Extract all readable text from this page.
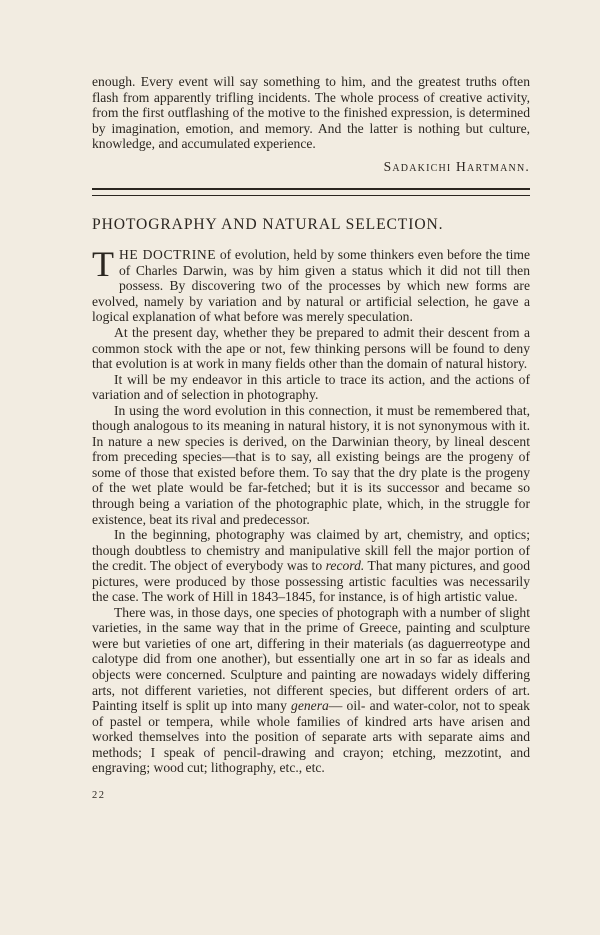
enough. Every event will say something to him, and the greatest truths often flash from apparently trifling incidents. The whole process of creative activity, from the first outflashing of the motive to the finished expression, is determined by imagination, emotion, and memory. And the latter is nothing but culture, knowledge, and accumulated experience.

Sadakichi Hartmann.

PHOTOGRAPHY AND NATURAL SELECTION.
T HE DOCTRINE of evolution, held by some thinkers even before the time of Charles Darwin, was by him given a status which it did not till then possess. By discovering two of the processes by which new forms are evolved, namely by variation and by natural or artificial selection, he gave a logical explanation of what before was merely speculation.

At the present day, whether they be prepared to admit their descent from a common stock with the ape or not, few thinking persons will be found to deny that evolution is at work in many fields other than the domain of natural history.

It will be my endeavor in this article to trace its action, and the actions of variation and of selection in photography.

In using the word evolution in this connection, it must be remembered that, though analogous to its meaning in natural history, it is not synonymous with it. In nature a new species is derived, on the Darwinian theory, by lineal descent from preceding species—that is to say, all existing beings are the progeny of some of those that existed before them. To say that the dry plate is the progeny of the wet plate would be far-fetched; but it is its successor and became so through being a variation of the photographic plate, which, in the struggle for existence, beat its rival and predecessor.

In the beginning, photography was claimed by art, chemistry, and optics; though doubtless to chemistry and manipulative skill fell the major portion of the credit. The object of everybody was to record. That many pictures, and good pictures, were produced by those possessing artistic faculties was necessarily the case. The work of Hill in 1843–1845, for instance, is of high artistic value.

There was, in those days, one species of photograph with a number of slight varieties, in the same way that in the prime of Greece, painting and sculpture were but varieties of one art, differing in their materials (as daguerreotype and calotype did from one another), but essentially one art in so far as ideals and objects were concerned. Sculpture and painting are nowadays widely differing arts, not different varieties, not different species, but different orders of art. Painting itself is split up into many genera— oil- and water-color, not to speak of pastel or tempera, while whole families of kindred arts have arisen and worked themselves into the position of separate arts with separate aims and methods; I speak of pencil-drawing and crayon; etching, mezzotint, and engraving; wood cut; lithography, etc., etc.

22
